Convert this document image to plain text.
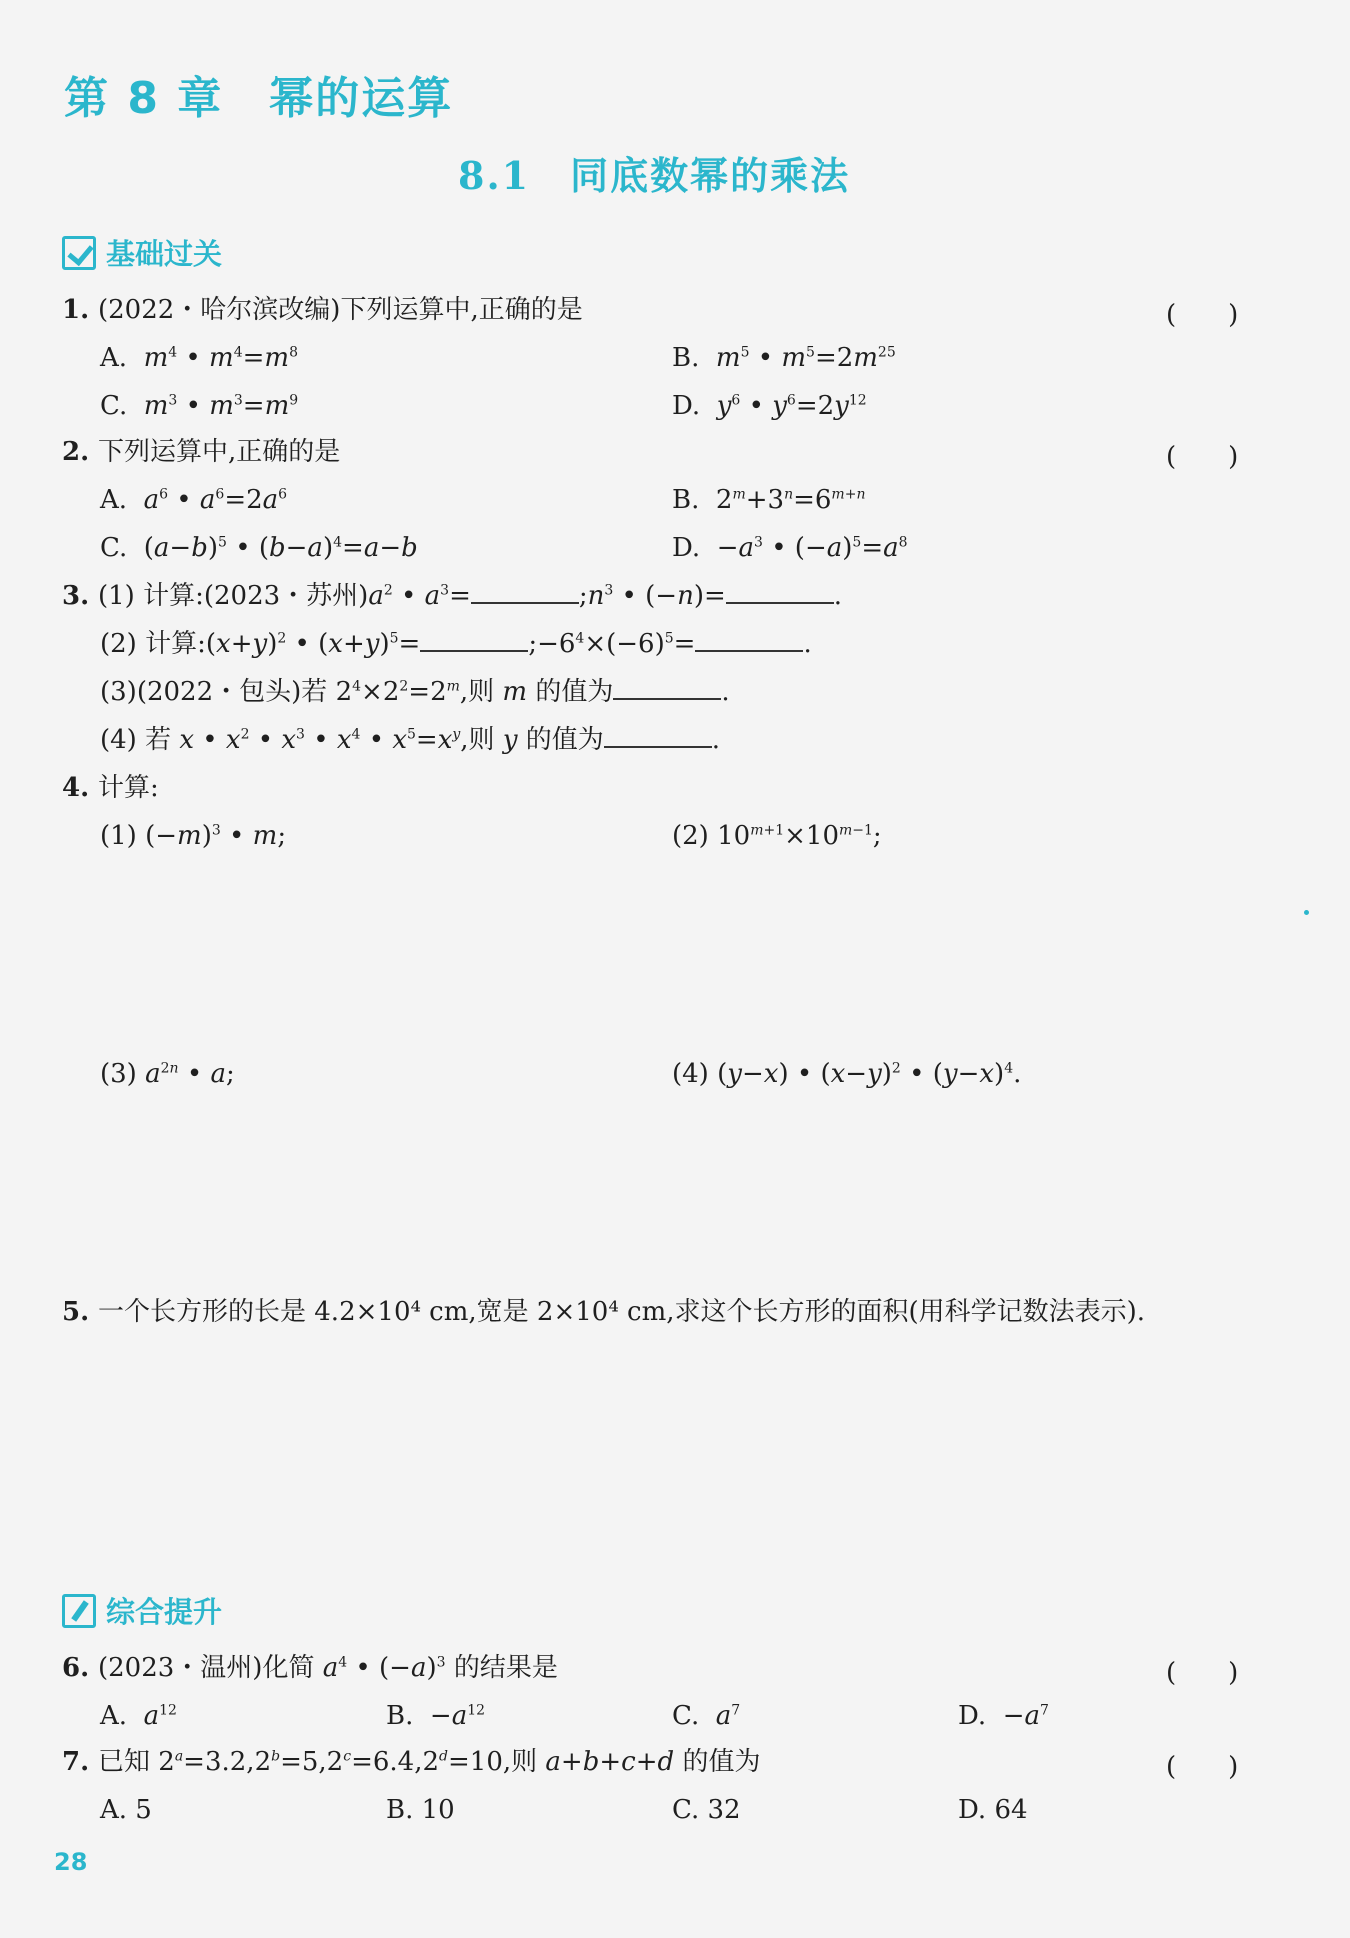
第 8 章　幂的运算
8.1　同底数幂的乘法
基础过关
1. (2022・哈尔滨改编)下列运算中,正确的是	(　　)
A.  $m^4$ • $m^4=m^8$	B.  $m^5$ • $m^5=2m^{25}$
C.  $m^3$ • $m^3=m^9$	D.  $y^6$ • $y^6=2y^{12}$
2. 下列运算中,正确的是	(　　)
A.  $a^6$ • $a^6=2a^6$	B.  $2^m+3^n=6^{m+n}$
C.  $(a-b)^5$ • $(b-a)^4=a-b$	D.  $-a^3$ • $(-a)^5=a^8$
3. (1) 计算:(2023・苏州)$a^2$ • $a^3=$	$;n^3$ • (−n)=	.
(2) 计算$:(x+y)^2$ • $(x+y)^5=$	$;-6^4\times(-6)^5=$	.
(3)(2022・包头)若 $2^4\times 2^2=2^m$,则 m 的值为	.
(4) 若 x • $x^2$ • $x^3$ • $x^4$ • $x^5=x^y$,则 y 的值为	.
4. 计算:
(1) $(-m)^3$ • m;	(2) $10^{m+1}\times 10^{m-1}$;
(3) $a^{2n}$ • a;	(4) (y−x) • $(x-y)^2$ • $(y-x)^4$.
5. 一个长方形的长是 4.2×10⁴ cm,宽是 2×10⁴ cm,求这个长方形的面积(用科学记数法表示).
综合提升
6. (2023・温州)化简 $a^4$ • $(-a)^3$ 的结果是	(　　)
A.  $a^{12}$	B.  $-a^{12}$	C.  $a^7$	D.  $-a^7$
7. 已知 $2^a=3.2,2^b=5,2^c=6.4,2^d=10$,则 a+b+c+d 的值为	(　　)
A. 5	B. 10	C. 32	D. 64
28
